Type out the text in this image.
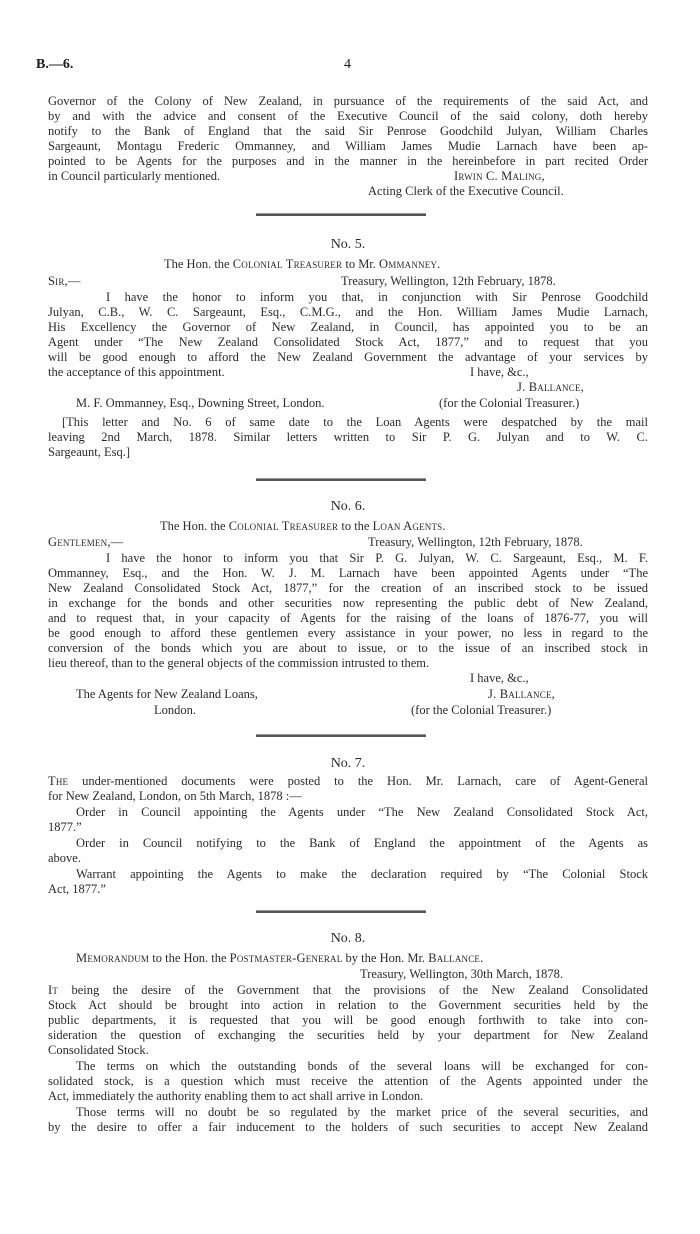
B.—6.	4
Governor of the Colony of New Zealand, in pursuance of the requirements of the said Act, and
by and with the advice and consent of the Executive Council of the said colony, doth hereby
notify to the Bank of England that the said Sir Penrose Goodchild Julyan, William Charles
Sargeaunt, Montagu Frederic Ommanney, and William James Mudie Larnach have been ap-
pointed to be Agents for the purposes and in the manner in the hereinbefore in part recited Order
in Council particularly mentioned.	Irwin C. Maling,
Acting Clerk of the Executive Council.
No. 5.
The Hon. the Colonial Treasurer to Mr. Ommanney.
Sir,—	Treasury, Wellington, 12th February, 1878.
I have the honor to inform you that, in conjunction with Sir Penrose Goodchild
Julyan, C.B., W. C. Sargeaunt, Esq., C.M.G., and the Hon. William James Mudie Larnach,
His Excellency the Governor of New Zealand, in Council, has appointed you to be an
Agent under “The New Zealand Consolidated Stock Act, 1877,” and to request that you
will be good enough to afford the New Zealand Government the advantage of your services by
the acceptance of this appointment.	I have, &c.,
J. Ballance,
M. F. Ommanney, Esq., Downing Street, London.	(for the Colonial Treasurer.)
[This letter and No. 6 of same date to the Loan Agents were despatched by the mail
leaving 2nd March, 1878. Similar letters written to Sir P. G. Julyan and to W. C.
Sargeaunt, Esq.]
No. 6.
The Hon. the Colonial Treasurer to the Loan Agents.
Gentlemen,—	Treasury, Wellington, 12th February, 1878.
I have the honor to inform you that Sir P. G. Julyan, W. C. Sargeaunt, Esq., M. F.
Ommanney, Esq., and the Hon. W. J. M. Larnach have been appointed Agents under “The
New Zealand Consolidated Stock Act, 1877,” for the creation of an inscribed stock to be issued
in exchange for the bonds and other securities now representing the public debt of New Zealand,
and to request that, in your capacity of Agents for the raising of the loans of 1876-77, you will
be good enough to afford these gentlemen every assistance in your power, no less in regard to the
conversion of the bonds which you are about to issue, or to the issue of an inscribed stock in
lieu thereof, than to the general objects of the commission intrusted to them.
I have, &c.,
The Agents for New Zealand Loans,	J. Ballance,
London.	(for the Colonial Treasurer.)
No. 7.
The under-mentioned documents were posted to the Hon. Mr. Larnach, care of Agent-General
for New Zealand, London, on 5th March, 1878 :—
Order in Council appointing the Agents under “The New Zealand Consolidated Stock Act,
1877.”
Order in Council notifying to the Bank of England the appointment of the Agents as
above.
Warrant appointing the Agents to make the declaration required by “The Colonial Stock
Act, 1877.”
No. 8.
Memorandum to the Hon. the Postmaster-General by the Hon. Mr. Ballance.
Treasury, Wellington, 30th March, 1878.
It being the desire of the Government that the provisions of the New Zealand Consolidated
Stock Act should be brought into action in relation to the Government securities held by the
public departments, it is requested that you will be good enough forthwith to take into con-
sideration the question of exchanging the securities held by your department for New Zealand
Consolidated Stock.
The terms on which the outstanding bonds of the several loans will be exchanged for con-
solidated stock, is a question which must receive the attention of the Agents appointed under the
Act, immediately the authority enabling them to act shall arrive in London.
Those terms will no doubt be so regulated by the market price of the several securities, and
by the desire to offer a fair inducement to the holders of such securities to accept New Zealand
